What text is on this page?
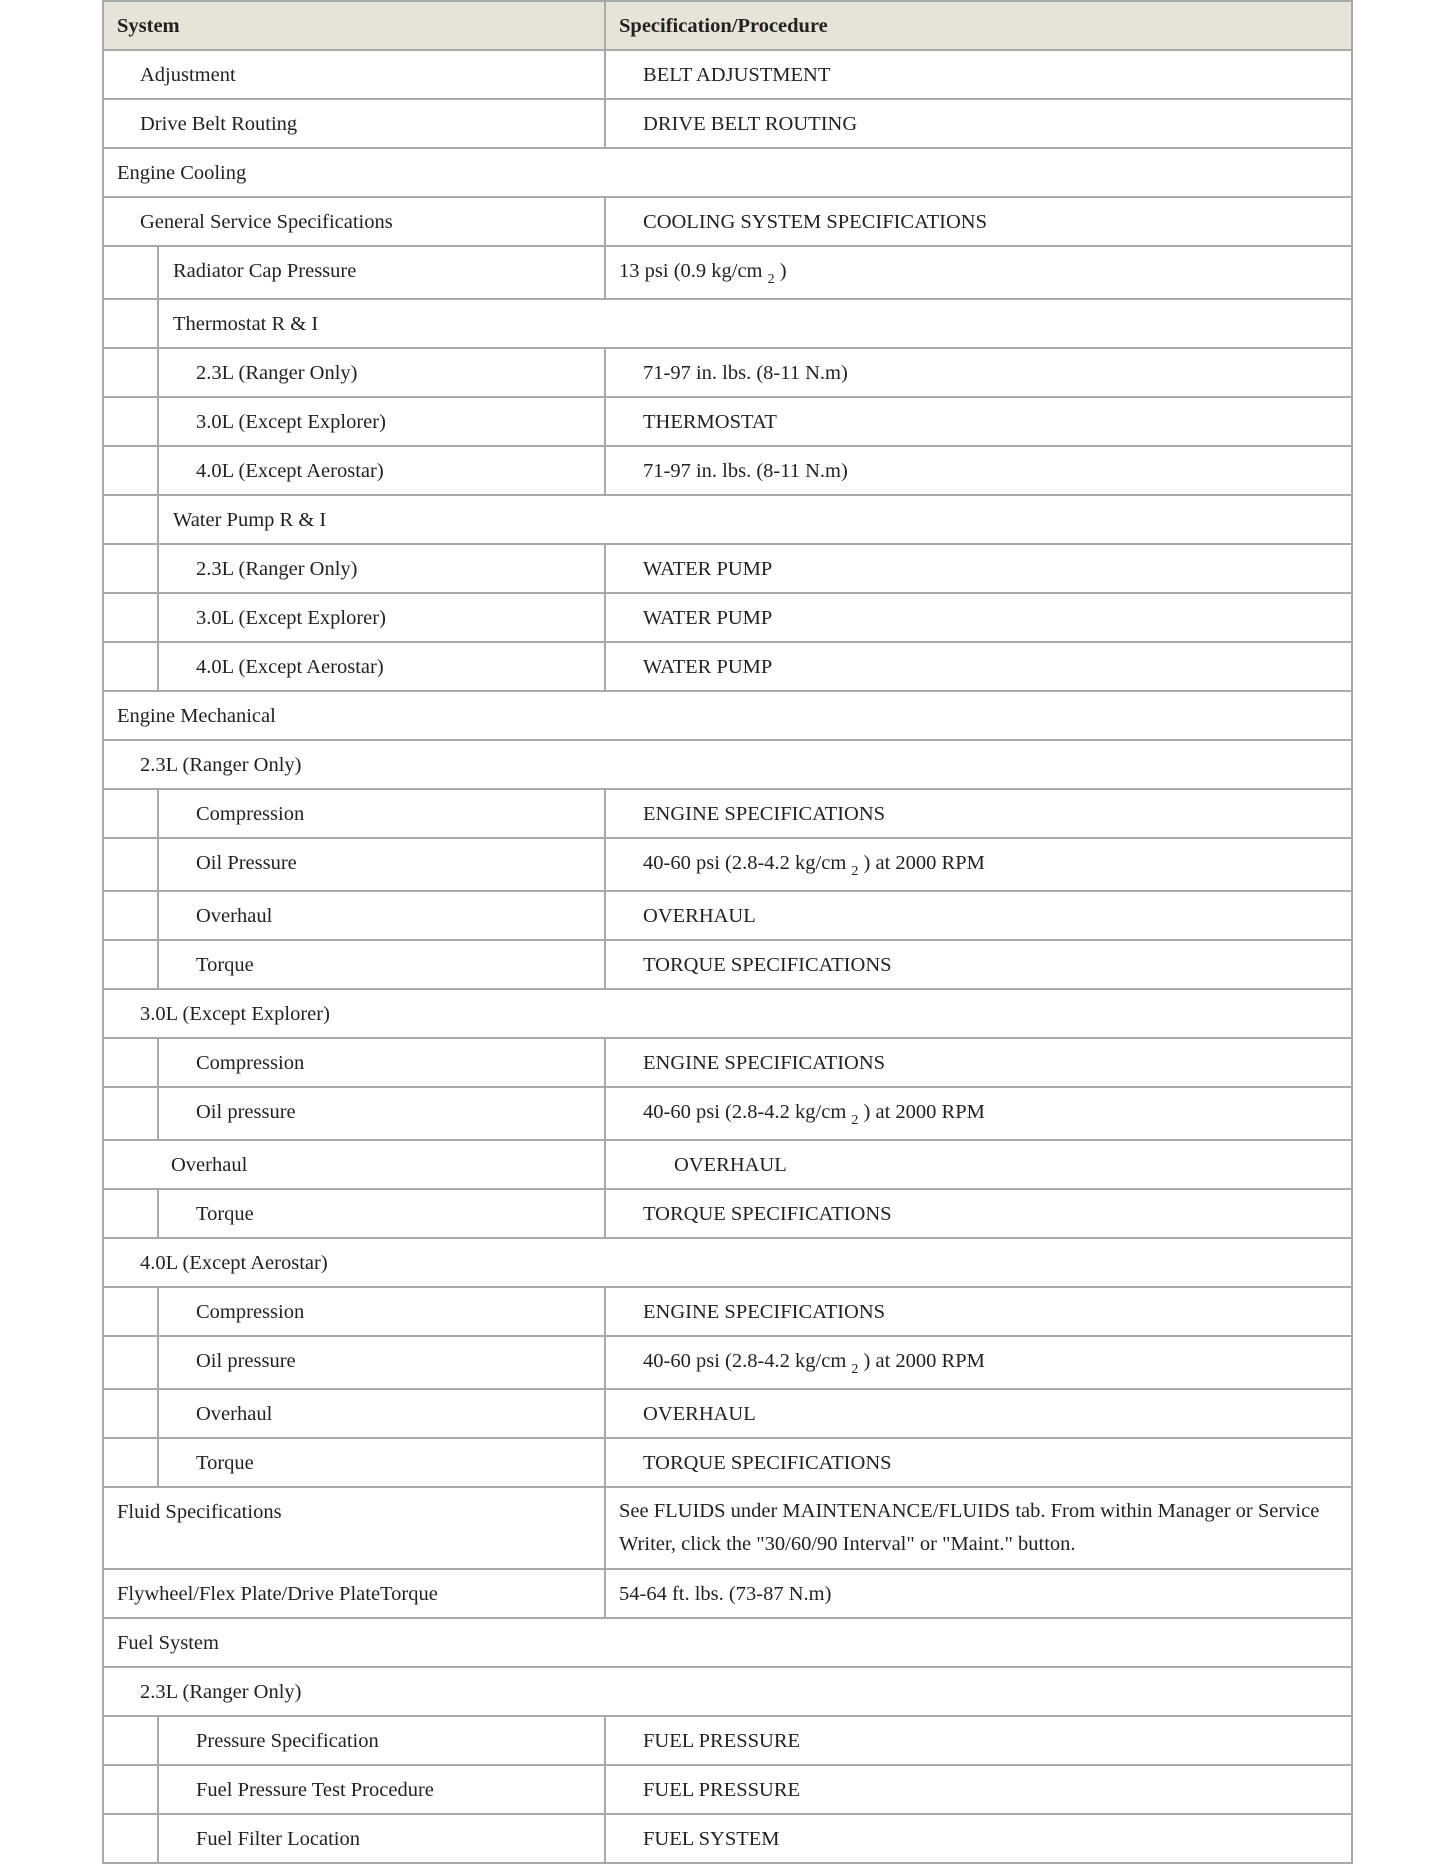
System		Specification/Procedure

Adjustment		BELT ADJUSTMENT

Drive Belt Routing		DRIVE BELT ROUTING

Engine Cooling		

General Service Specifications		COOLING SYSTEM SPECIFICATIONS

	Radiator Cap Pressure	13 psi (0.9 kg/cm $_2$ )

	Thermostat R & I	

	2.3L (Ranger Only)	71-97 in. lbs. (8-11 N.m)

	3.0L (Except Explorer)	THERMOSTAT

	4.0L (Except Aerostar)	71-97 in. lbs. (8-11 N.m)

	Water Pump R & I	

	2.3L (Ranger Only)	WATER PUMP

	3.0L (Except Explorer)	WATER PUMP

	4.0L (Except Aerostar)	WATER PUMP

Engine Mechanical		

2.3L (Ranger Only)		

	Compression	ENGINE SPECIFICATIONS

	Oil Pressure	40-60 psi (2.8-4.2 kg/cm $_2$ ) at 2000 RPM

	Overhaul	OVERHAUL

	Torque	TORQUE SPECIFICATIONS

3.0L (Except Explorer)		

	Compression	ENGINE SPECIFICATIONS

	Oil pressure	40-60 psi (2.8-4.2 kg/cm $_2$ ) at 2000 RPM

Overhaul		OVERHAUL

	Torque	TORQUE SPECIFICATIONS

4.0L (Except Aerostar)		

	Compression	ENGINE SPECIFICATIONS

	Oil pressure	40-60 psi (2.8-4.2 kg/cm $_2$ ) at 2000 RPM

	Overhaul	OVERHAUL

	Torque	TORQUE SPECIFICATIONS

Fluid Specifications		See FLUIDS under MAINTENANCE/FLUIDS tab. From within Manager or Service Writer, click the "30/60/90 Interval" or "Maint." button.

Flywheel/Flex Plate/Drive PlateTorque		54-64 ft. lbs. (73-87 N.m)

Fuel System		

2.3L (Ranger Only)		

	Pressure Specification	FUEL PRESSURE

	Fuel Pressure Test Procedure	FUEL PRESSURE

	Fuel Filter Location	FUEL SYSTEM
